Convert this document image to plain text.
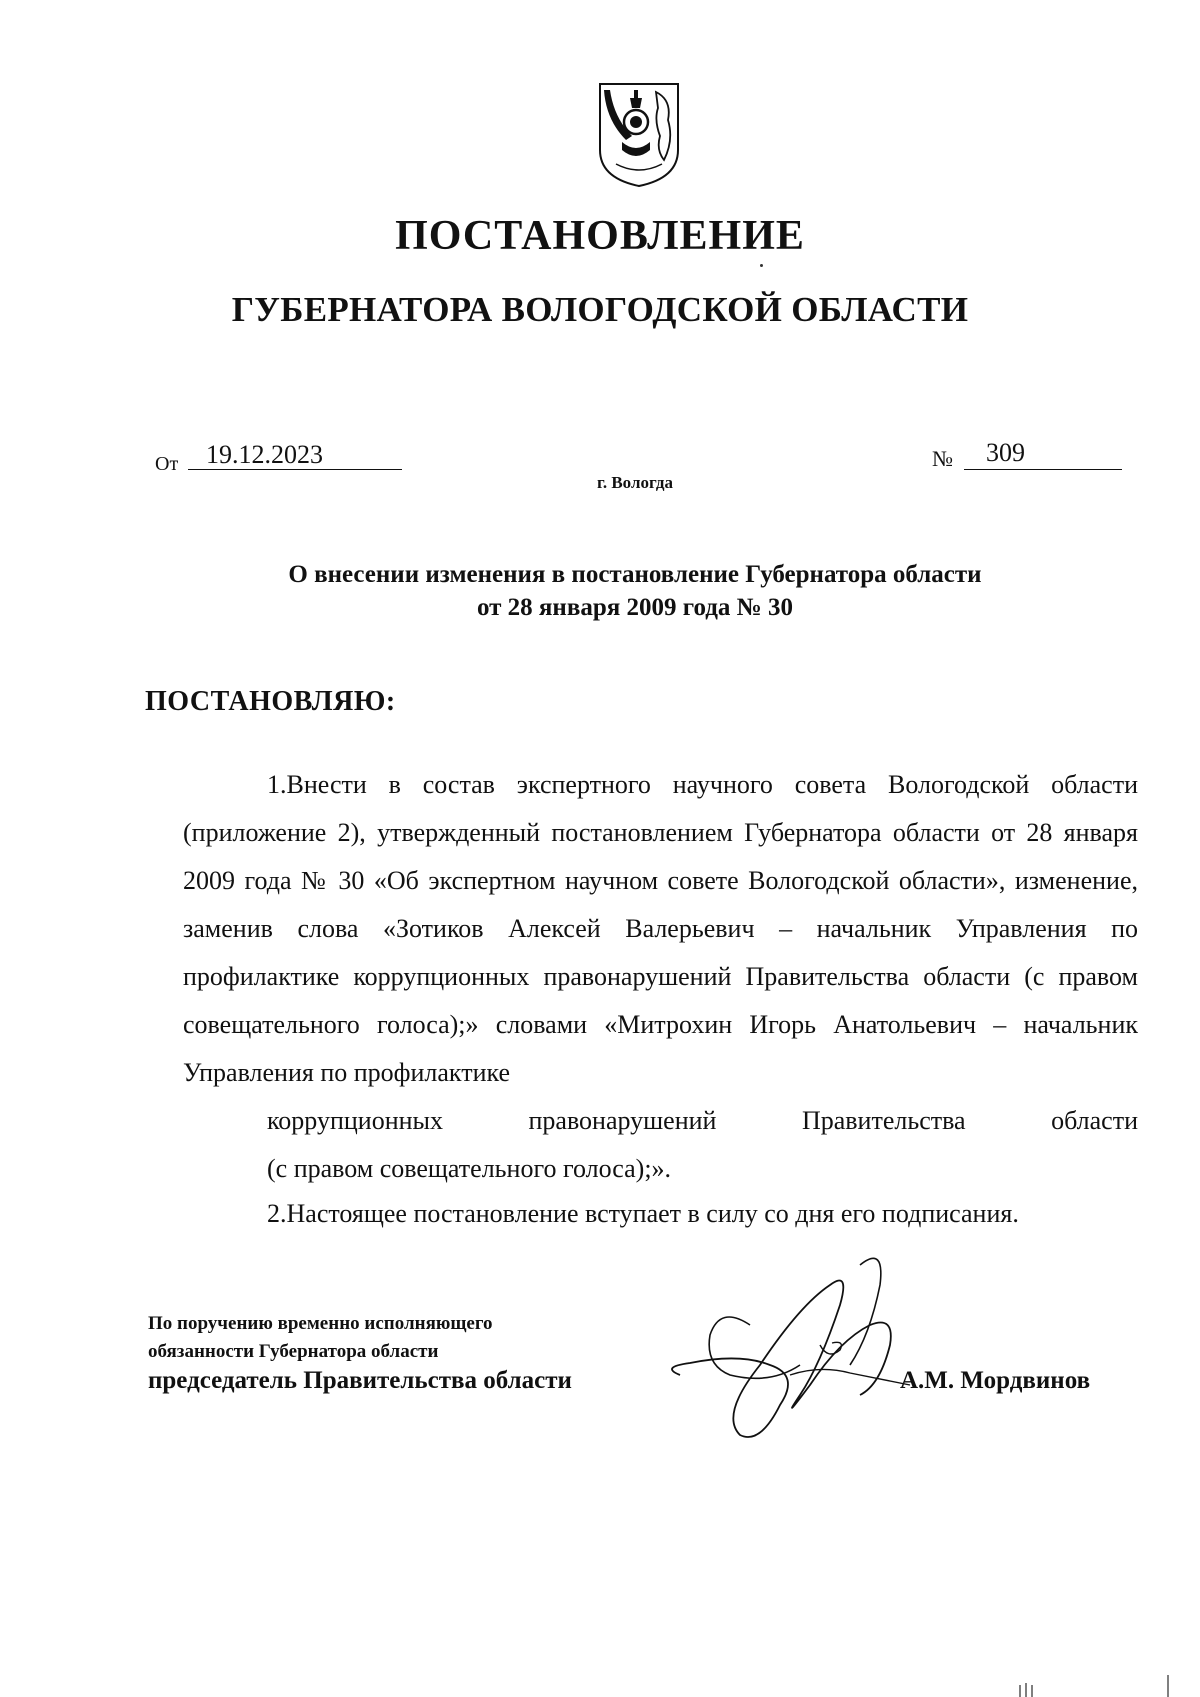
ПОСТАНОВЛЕНИЕ
ГУБЕРНАТОРА ВОЛОГОДСКОЙ ОБЛАСТИ
От	19.12.2023	№	309
г. Вологда
О внесении изменения в постановление Губернатора области
от 28 января 2009 года № 30
ПОСТАНОВЛЯЮ:
1.Внести в состав экспертного научного совета Вологодской области (приложение 2), утвержденный постановлением Губернатора области от 28 января 2009 года № 30 «Об экспертном научном совете Вологодской области», изменение, заменив слова «Зотиков Алексей Валерьевич – начальник Управления по профилактике коррупционных правонарушений Правительства области (с правом совещательного голоса);» словами «Митрохин Игорь Анатольевич – начальник Управления по профилактике
коррупционных правонарушений Правительства области
(с правом совещательного голоса);».
2.Настоящее постановление вступает в силу со дня его подписания.
По поручению временно исполняющего
обязанности Губернатора области
председатель Правительства области	А.М. Мордвинов
